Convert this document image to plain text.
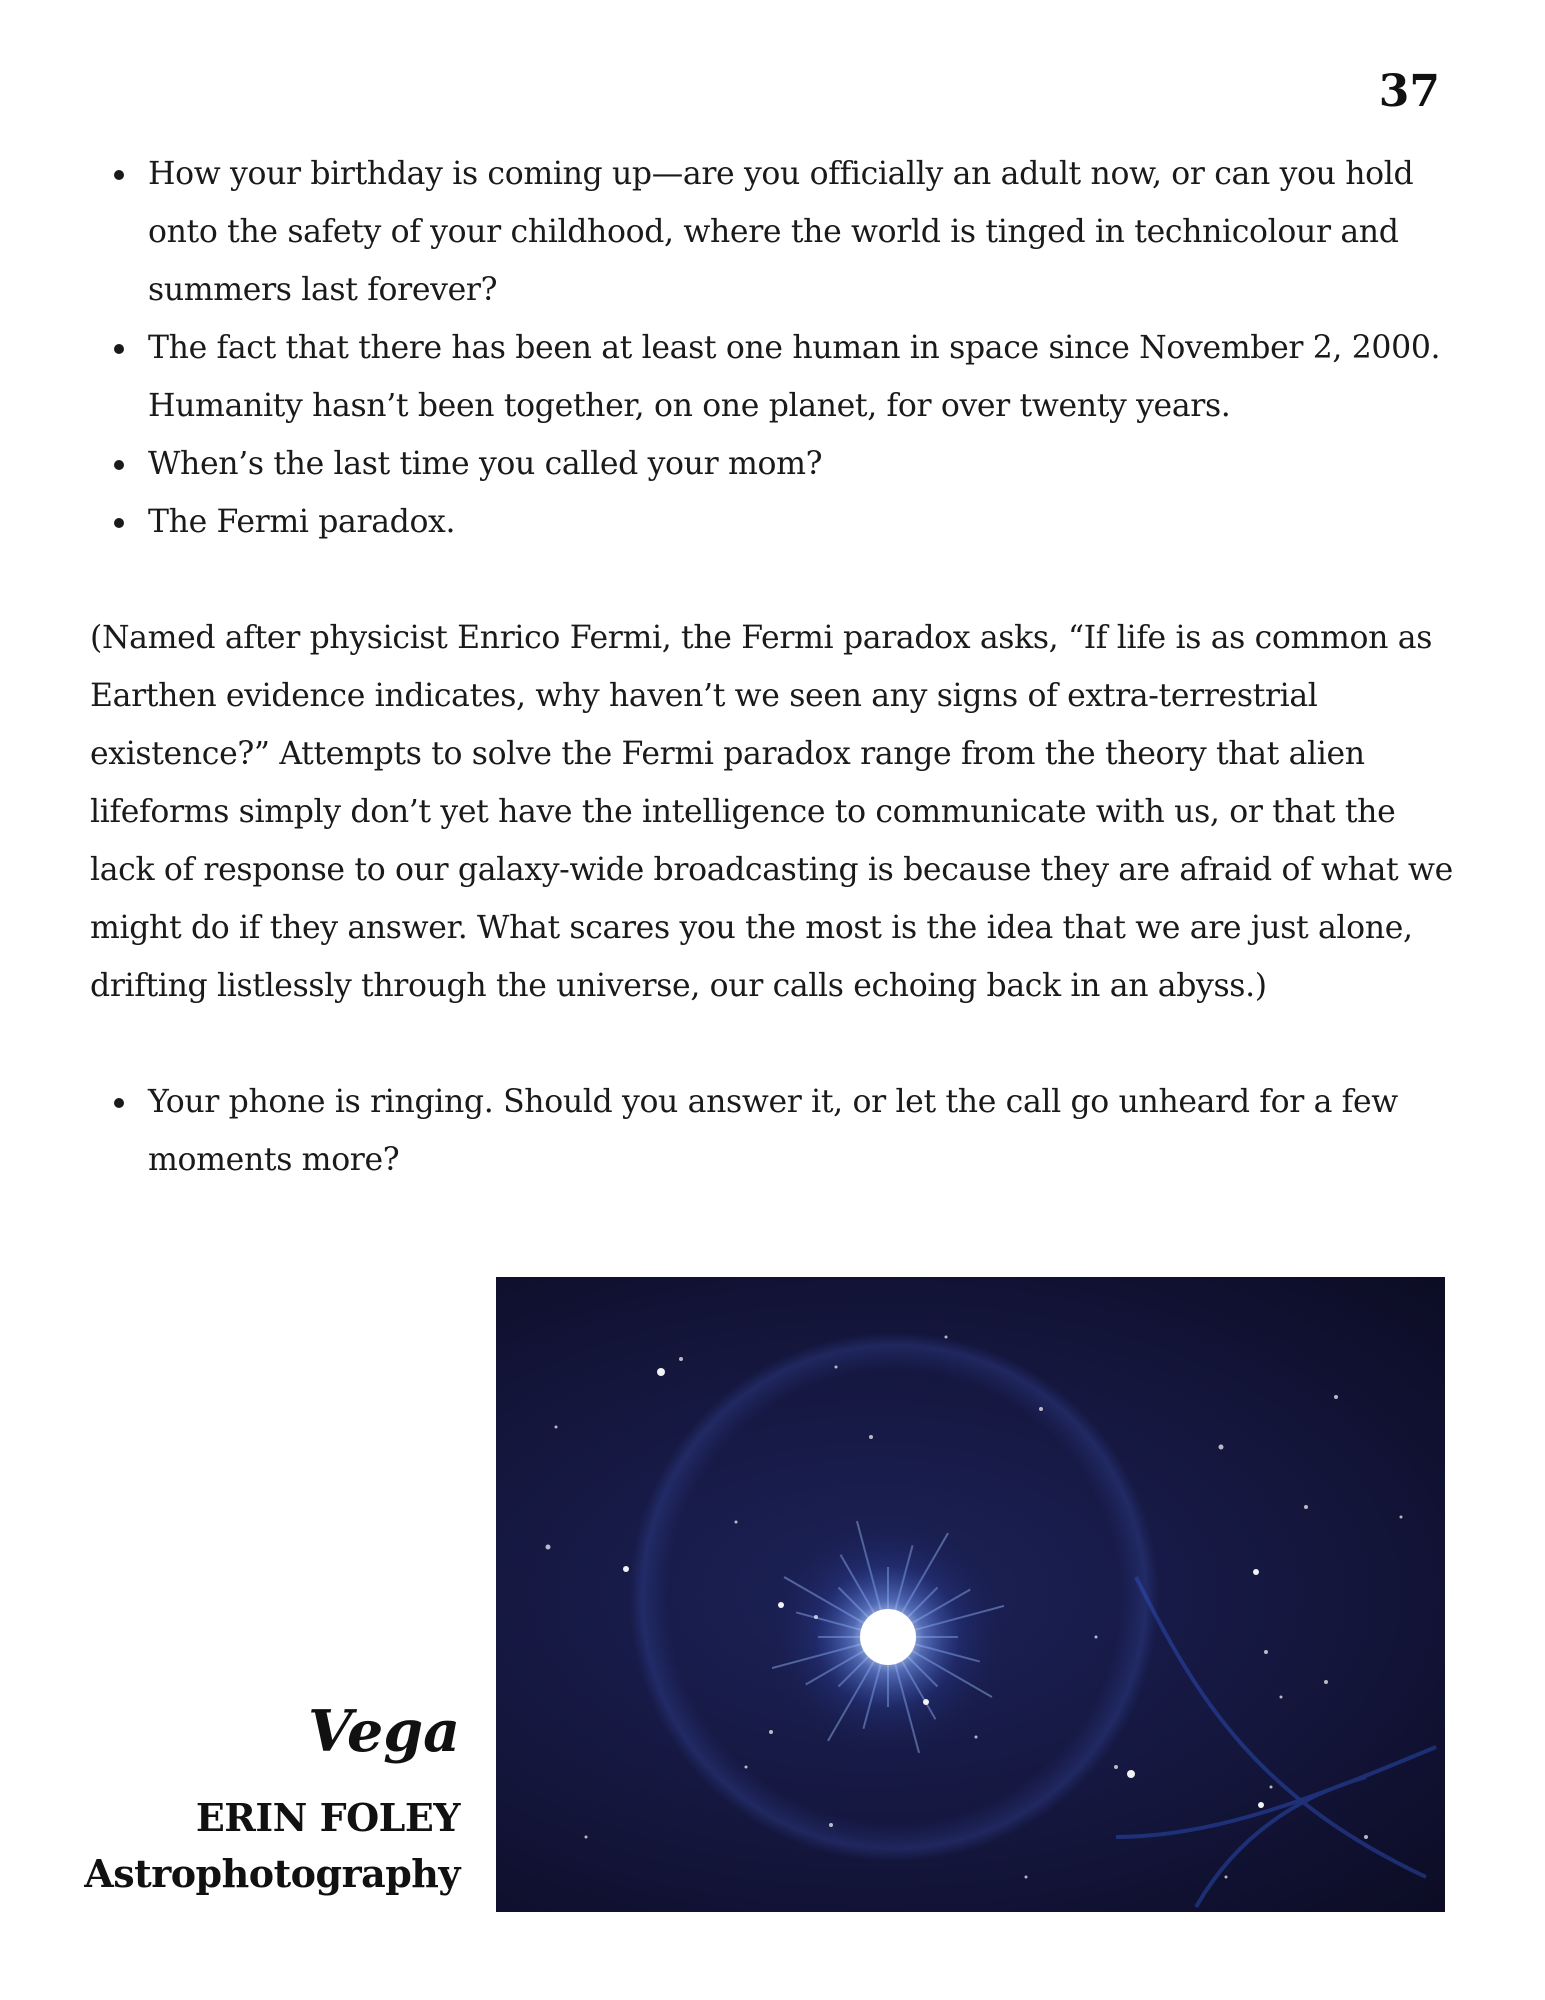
37
How your birthday is coming up—are you officially an adult now, or can you hold onto the safety of your childhood, where the world is tinged in technicolour and summers last forever?
The fact that there has been at least one human in space since November 2, 2000. Humanity hasn’t been together, on one planet, for over twenty years.
When’s the last time you called your mom?
The Fermi paradox.

(Named after physicist Enrico Fermi, the Fermi paradox asks, “If life is as common as Earthen evidence indicates, why haven’t we seen any signs of extra-terrestrial existence?” Attempts to solve the Fermi paradox range from the theory that alien lifeforms simply don’t yet have the intelligence to communicate with us, or that the lack of response to our galaxy-wide broadcasting is because they are afraid of what we might do if they answer. What scares you the most is the idea that we are just alone, drifting listlessly through the universe, our calls echoing back in an abyss.)

Your phone is ringing. Should you answer it, or let the call go unheard for a few moments more?
Vega
ERIN FOLEY
Astrophotography
